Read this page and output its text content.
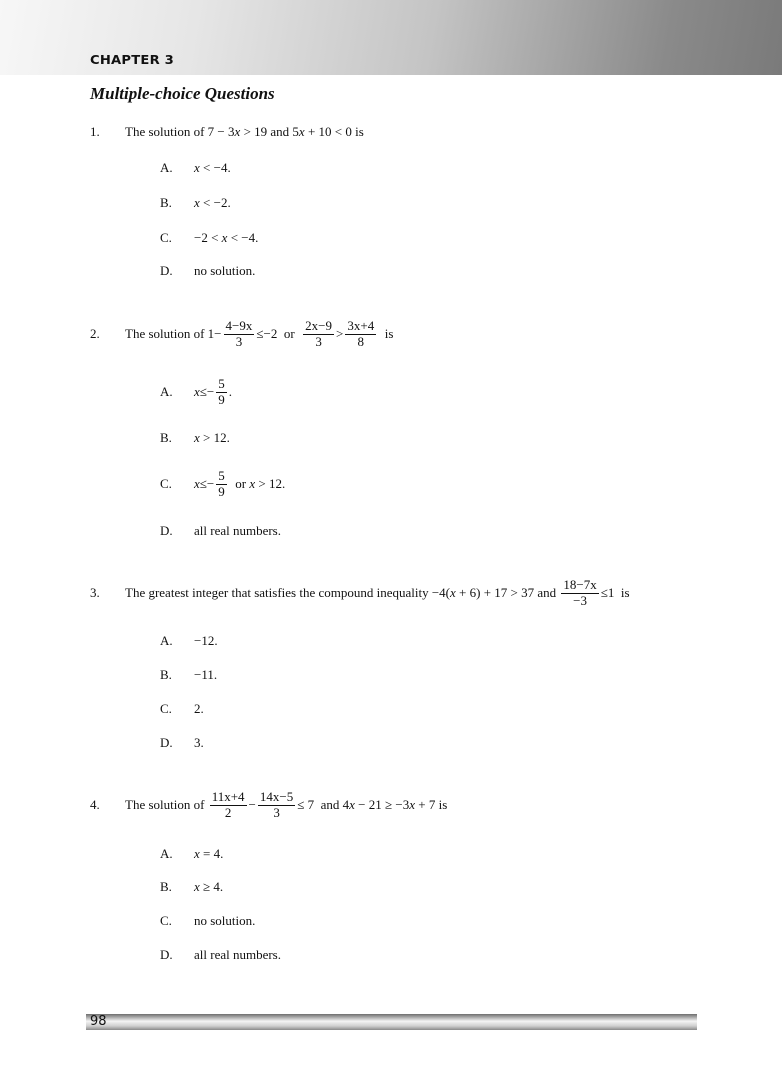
CHAPTER 3
Multiple-choice Questions
1. The solution of 7 − 3 x > 19 and 5 x + 10 < 0 is
A. x < −4.
B. x < −2.
C. −2 < x < −4.
D. no solution.
2. The solution of $1- \frac{4-9x}{3} \le-2$  or $\frac{2x-9}{3} > \frac{3x+4}{8}$ is
A. $x \le- \frac{5}{9}$ .
B. x > 12.
C. $x \le- \frac{5}{9}$ or x > 12.
D. all real numbers.
3. The greatest integer that satisfies the compound inequality −4( x + 6) + 17 > 37 and $\frac{18-7x}{-3} \le 1$  is
A. −12.
B. −11.
C. 2.
D. 3.
4. The solution of $\frac{11x+4}{2} - \frac{14x-5}{3} \le 7$  and 4 x − 21 ≥ −3 x + 7 is
A. x = 4.
B. x ≥ 4.
C. no solution.
D. all real numbers.
98
